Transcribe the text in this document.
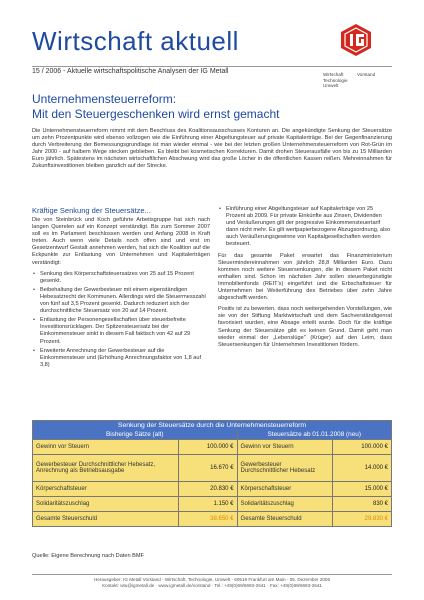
Wirtschaft aktuell
15 / 2006 - Aktuelle wirtschaftspolitische Analysen der IG Metall	Wirtschaft
Technologie
Umwelt
Vorstand
Unternehmensteuerreform:
Mit den Steuergeschenken wird ernst gemacht
Die Unternehmensteuerreform nimmt mit dem Beschluss des Koalitionsausschusses Konturen an. Die angekündigte Senkung der Steuersätze um zehn Prozentpunkte wird ebenso vollzogen wie die Einführung einer Abgeltungsteuer auf private Kapitalerträge. Bei der Gegenfinanzierung durch Verbreiterung der Bemessungsgrundlage ist man wieder einmal - wie bei der letzten großen Unternehmensteuerreform von Rot-Grün im Jahr 2000 - auf halbem Wege stecken geblieben. Es bleibt bei kosmetischen Korrekturen. Damit drohen Steuerausfälle von bis zu 15 Milliarden Euro jährlich. Spätestens im nächsten wirtschaftlichen Abschwung wird das große Löcher in die öffentlichen Kassen reißen. Mehreinnahmen für Zukunftsinvestitionen bleiben ganzlich auf der Strecke.
Kräftige Senkung der Steuersätze...

Die von Steinbrück und Koch geführte Arbeitsgruppe hat sich nach langen Querelen auf ein Konzept verständigt. Bis zum Sommer 2007 soll es im Parlament beschlossen werden und Anfang 2008 in Kraft treten. Auch wenn viele Details noch offen sind und erst im Gesetzentwurf Gestalt annehmen werden, hat sich die Koalition auf die Eckpunkte zur Entlastung von Unternehmen und Kapitalerträgen verständigt:

• Senkung des Körperschaftsteuersatzes von 25 auf 15 Prozent gesenkt.
• Beibehaltung der Gewerbesteuer mit einem eigenständigen Hebesatzrecht der Kommunen. Allerdings wird die Steuermesszahl von fünf auf 3,5 Prozent gesenkt. Dadurch reduziert sich der durchschnittliche Steuersatz von 20 auf 14 Prozent.
• Entlastung der Personengesellschaften über steuerbefreite Investitionsrücklagen. Der Spitzensteuersatz bei der Einkommensteuer sinkt in diesem Fall faktisch von 42 auf 29 Prozent.
• Erweiterte Anrechnung der Gewerbesteuer auf die Einkommensteuer und (Erhöhung Anrechnungsfaktor von 1,8 auf 3,8)
• Einführung einer Abgeltungsteuer auf Kapitalerträge von 25 Prozent ab 2009. Für private Einkünfte aus Zinsen, Dividenden und Veräußerungen gilt der progressive Einkommensteuertarif dann nicht mehr. Es gilt wertpapierbezogene Abzugsordnung, also auch Veräußerungsgewinne von Kapitalgesellschaften werden besteuert.

Für das gesamte Paket erwartet das Finanzministerium Steuermindereinnahmen von jährlich 28,8 Milliarden Euro. Dazu kommen noch weitere Steuersenkungen, die in diesem Paket nicht enthalten sind. Schon im nächsten Jahr sollen steuerbegünstigte Immobilienfonds (REIT's) eingeführt und die Erbschaftsteuer für Unternehmen bei Weiterführung des Betriebes über zehn Jahre abgeschafft werden.

Positiv ist zu bewerten, dass noch weitergehenden Vorstellungen, wie sie von der Stiftung Marktwirtschaft und dem Sachverständigenrat favorisiert wurden, eine Absage erteilt wurde. Doch für die kräftige Senkung der Steuersätze gibt es keinen Grund. Damit geht man wieder einmal der „Lebenslüge" (Krüger) auf den Leim, dass Steuersenkungen für Unternehmen Investitionen fördern.

Senkung der Steuersätze durch die Unternehmensteuerreform			
Bisherige Sätze (alt)		Steuersätze ab 01.01.2008 (neu)	
Gewinn vor Steuern	100.000 €	Gewinn vor Steuern	100.000 €
Gewerbesteuer Durchschnittlicher Hebesatz, Anrechnung als Betriebsausgabe	16.670 €	Gewerbesteuer Durchschnittlicher Hebesatz	14.000 €
Körperschaftsteuer	20.830 €	Körperschaftsteuer	15.000 €
Solidaritätszuschlag	1.150 €	Solidaritätszuschlag	830 €
Gesamte Steuerschuld	38.650 €	Gesamte Steuerschuld	29.830 €
Quelle: Eigene Berechnung nach Daten BMF
Herausgeber: IG Metall Vorstand - Wirtschaft, Technologie, Umwelt - 60519 Frankfurt am Main - 05. Dezember 2006
Kontakt: wtu@igmetall.de · www.igmetall.de/vorstand · Tel.: +49(0)69/6693-2641 · Fax: +49(0)69/6693-2641
